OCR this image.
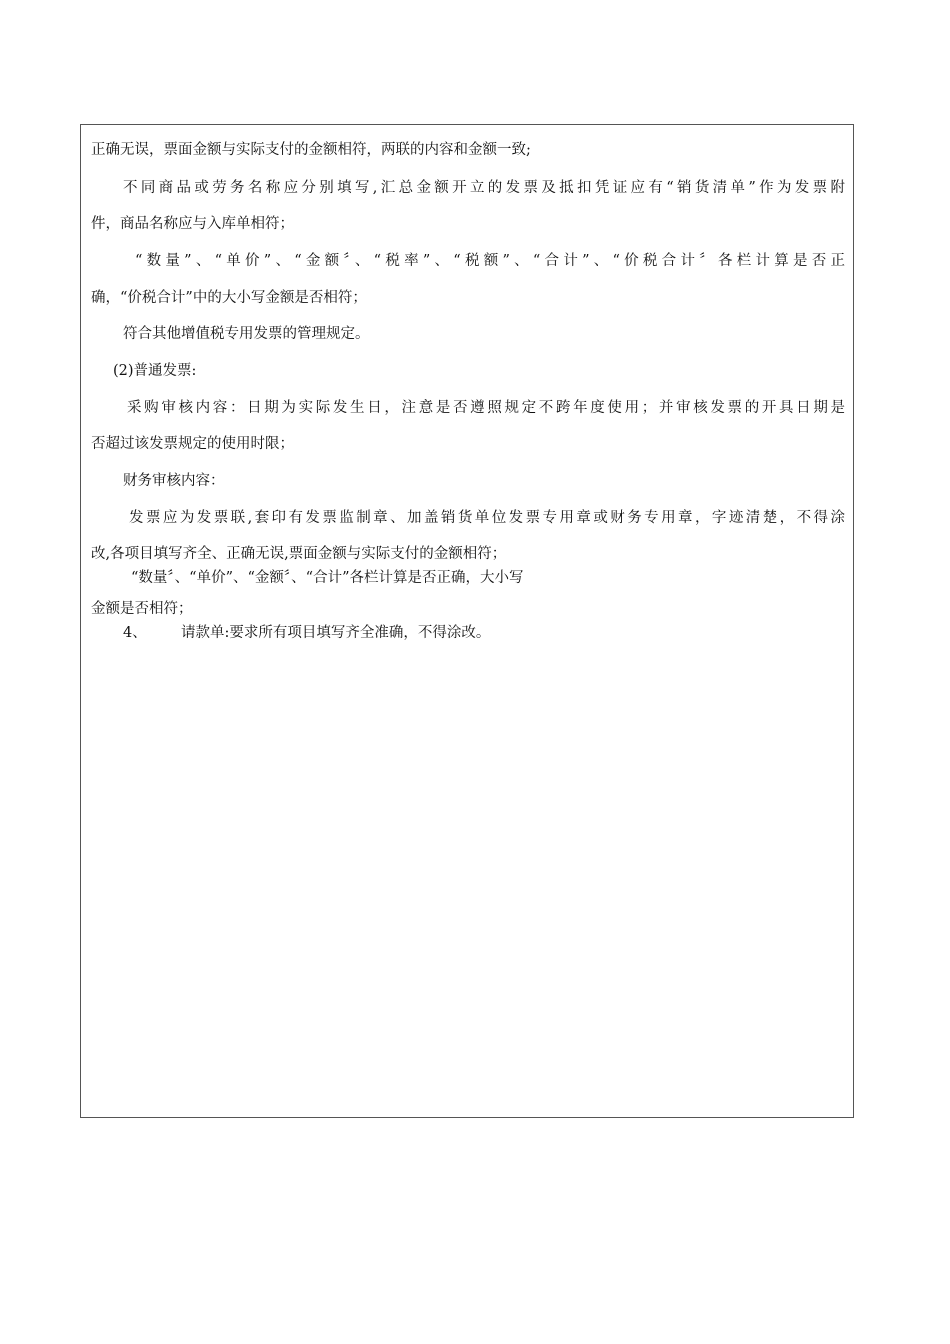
正确无误，票面金额与实际支付的金额相符，两联的内容和金额一致;
不同商品或劳务名称应分别填写,汇总金额开立的发票及抵扣凭证应有“销货清单”作为发票附
件，商品名称应与入库单相符；
“数量”、“单价”、“金额〞、“税率”、“税额”、“合计”、“价税合计〞各栏计算是否正
确，“价税合计”中的大小写金额是否相符；
符合其他增值税专用发票的管理规定。
(2)普通发票:
采购审核内容：日期为实际发生日，注意是否遵照规定不跨年度使用；并审核发票的开具日期是
否超过该发票规定的使用时限；
财务审核内容：
发票应为发票联,套印有发票监制章、加盖销货单位发票专用章或财务专用章，字迹清楚，不得涂
改,各项目填写齐全、正确无误,票面金额与实际支付的金额相符；
“数量〞、“单价”、“金额〞、“合计”各栏计算是否正确，大小写
金额是否相符；
4、	请款单:要求所有项目填写齐全准确，不得涂改。
